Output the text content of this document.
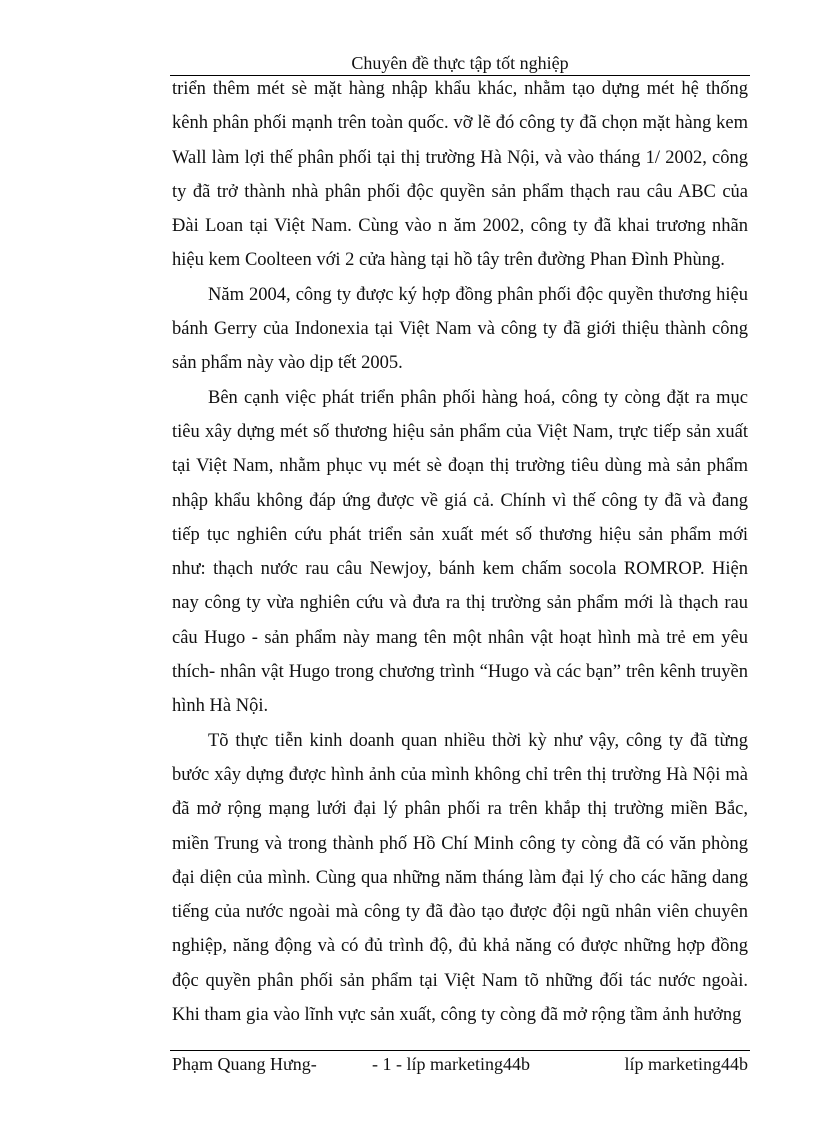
Chuyên đề thực tập tốt nghiệp

triển thêm mét sè mặt hàng nhập khẩu khác, nhằm tạo dựng mét hệ thống kênh phân phối mạnh trên toàn quốc. vỡ lẽ đó công ty đã chọn mặt hàng kem Wall làm lợi thế phân phối tại thị trường Hà Nội, và vào tháng 1/ 2002, công ty đã trở thành nhà phân phối độc quyền sản phẩm thạch rau câu ABC của Đài Loan tại Việt Nam. Cùng vào n ăm 2002, công ty đã khai trương nhãn hiệu kem Coolteen với 2 cửa hàng tại hồ tây trên đường Phan Đình Phùng.

Năm 2004, công ty được ký hợp đồng phân phối độc quyền thương hiệu bánh Gerry của Indonexia tại Việt Nam và công ty đã giới thiệu thành công sản phẩm này vào dịp tết 2005.

Bên cạnh việc phát triển phân phối hàng hoá, công ty còng đặt ra mục tiêu xây dựng mét số thương hiệu sản phẩm của Việt Nam, trực tiếp sản xuất tại Việt Nam, nhằm phục vụ mét sè đoạn thị trường tiêu dùng mà sản phẩm nhập khẩu không đáp ứng được về giá cả. Chính vì thế công ty đã và đang tiếp tục nghiên cứu phát triển sản xuất mét số thương hiệu sản phẩm mới như: thạch nước rau câu Newjoy, bánh kem chấm socola ROMROP. Hiện nay công ty vừa nghiên cứu và đưa ra thị trường sản phẩm mới là thạch rau câu Hugo - sản phẩm này mang tên một nhân vật hoạt hình mà trẻ em yêu thích- nhân vật Hugo trong chương trình “Hugo và các bạn” trên kênh truyền hình Hà Nội.

Tõ thực tiễn kinh doanh quan nhiều thời kỳ như vậy, công ty đã từng bước xây dựng được hình ảnh của mình không chỉ trên thị trường Hà Nội mà đã mở rộng mạng lưới đại lý phân phối ra trên khắp thị trường miền Bắc, miền Trung và trong thành phố Hồ Chí Minh công ty còng đã có văn phòng đại diện của mình. Cùng qua những năm tháng làm đại lý cho các hãng dang tiếng của nước ngoài mà công ty đã đào tạo được đội ngũ nhân viên chuyên nghiệp, năng động và có đủ trình độ, đủ khả năng có được những hợp đồng độc quyền phân phối sản phẩm tại Việt Nam tõ những đối tác nước ngoài. Khi tham gia vào lĩnh vực sản xuất, công ty còng đã mở rộng tầm ảnh hưởng

Phạm Quang Hưng-	- 1 - líp marketing44b	líp marketing44b
